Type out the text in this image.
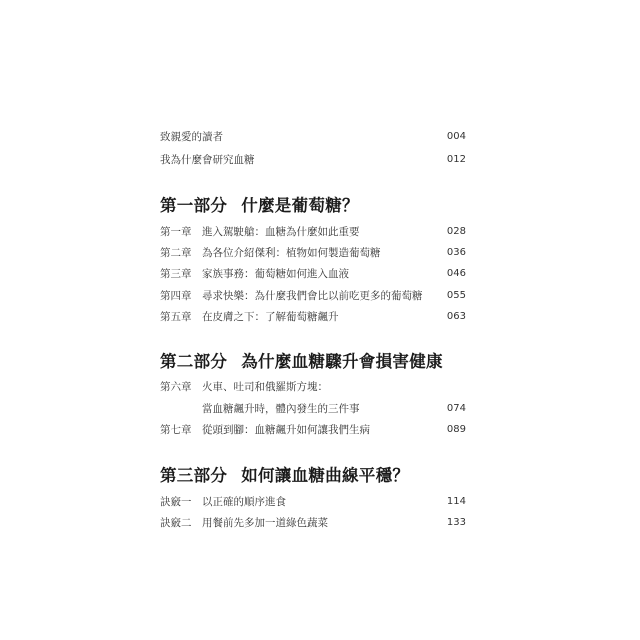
致親愛的讀者	004
我為什麼會研究血糖	012
第一部分 什麼是葡萄糖？
第一章 進入駕駛艙：血糖為什麼如此重要	028
第二章 為各位介紹傑利：植物如何製造葡萄糖	036
第三章 家族事務：葡萄糖如何進入血液	046
第四章 尋求快樂：為什麼我們會比以前吃更多的葡萄糖 055
第五章 在皮膚之下：了解葡萄糖飆升	063
第二部分 為什麼血糖驟升會損害健康
第六章 火車、吐司和俄羅斯方塊：
當血糖飆升時，體內發生的三件事	074
第七章 從頭到腳：血糖飆升如何讓我們生病	089
第三部分 如何讓血糖曲線平穩？
訣竅一 以正確的順序進食	114
訣竅二 用餐前先多加一道綠色蔬菜	133
